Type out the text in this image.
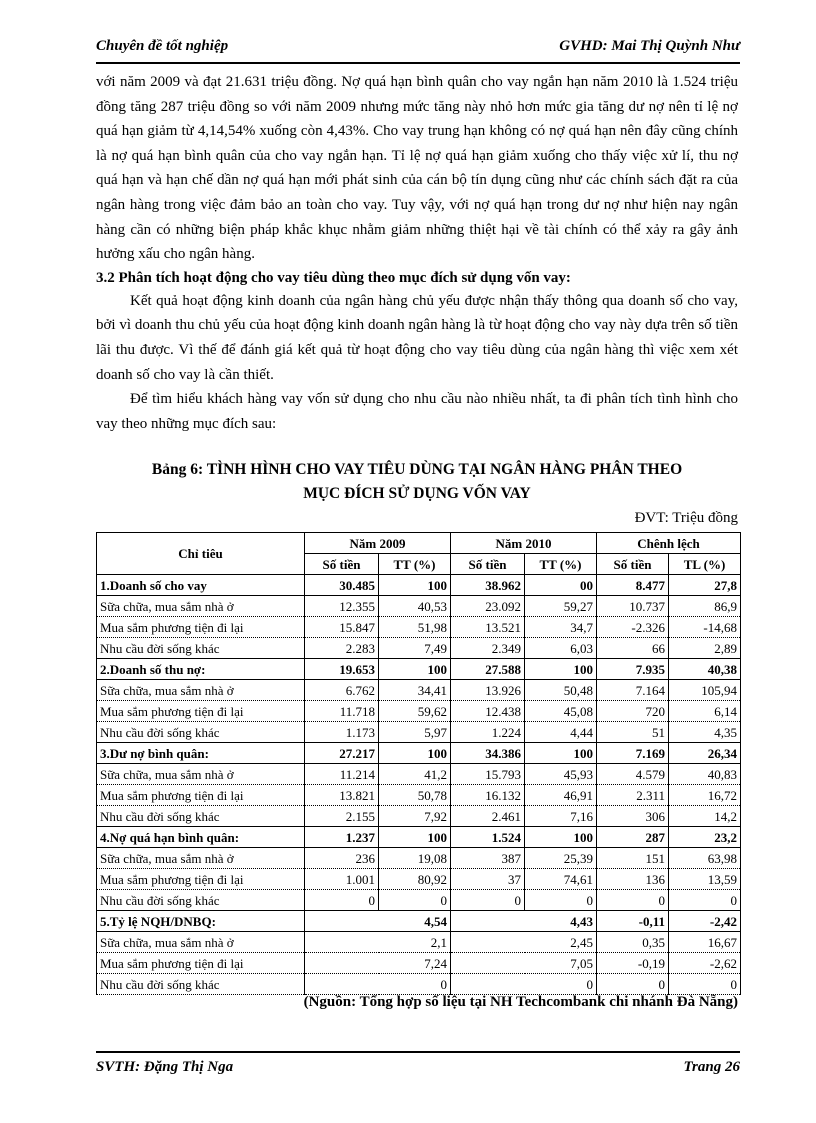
Chuyên đề tốt nghiệp	GVHD: Mai Thị Quỳnh Như

với năm 2009 và đạt 21.631 triệu đồng. Nợ quá hạn bình quân cho vay ngắn hạn năm 2010 là 1.524 triệu đồng tăng 287 triệu đồng so với năm 2009 nhưng mức tăng này nhỏ hơn mức gia tăng dư nợ nên tỉ lệ nợ quá hạn giảm từ 4,14,54% xuống còn 4,43%. Cho vay trung hạn không có nợ quá hạn nên đây cũng chính là nợ quá hạn bình quân của cho vay ngắn hạn. Tỉ lệ nợ quá hạn giảm xuống cho thấy việc xử lí, thu nợ quá hạn và hạn chế dần nợ quá hạn mới phát sinh của cán bộ tín dụng cũng như các chính sách đặt ra của ngân hàng trong việc đảm bảo an toàn cho vay. Tuy vậy, với nợ quá hạn trong dư nợ như hiện nay ngân hàng cần có những biện pháp khắc khục nhằm giảm những thiệt hại về tài chính có thể xảy ra gây ảnh hưởng xấu cho ngân hàng.

3.2 Phân tích hoạt động cho vay tiêu dùng theo mục đích sử dụng vốn vay:

Kết quả hoạt động kinh doanh của ngân hàng chủ yếu được nhận thấy thông qua doanh số cho vay, bởi vì doanh thu chủ yếu của hoạt động kinh doanh ngân hàng là từ hoạt động cho vay này dựa trên số tiền lãi thu được. Vì thế để đánh giá kết quả từ hoạt động cho vay tiêu dùng của ngân hàng thì việc xem xét doanh số cho vay là cần thiết.

Để tìm hiểu khách hàng vay vốn sử dụng cho nhu cầu nào nhiều nhất, ta đi phân tích tình hình cho vay theo những mục đích sau:

Bảng 6: TÌNH HÌNH CHO VAY TIÊU DÙNG TẠI NGÂN HÀNG PHÂN THEO
MỤC ĐÍCH SỬ DỤNG VỐN VAY
ĐVT: Triệu đồng
Chỉ tiêu	Năm 2009		Năm 2010		Chênh lệch	
	Số tiền	TT (%)	Số tiền	TT (%)	Số tiền	TL (%)
1.Doanh số cho vay	30.485	100	38.962	00	8.477	27,8
Sữa chữa, mua sắm nhà ở	12.355	40,53	23.092	59,27	10.737	86,9
Mua sắm phương tiện đi lại	15.847	51,98	13.521	34,7	-2.326	-14,68
Nhu cầu đời sống khác	2.283	7,49	2.349	6,03	66	2,89
2.Doanh số thu nợ:	19.653	100	27.588	100	7.935	40,38
Sữa chữa, mua sắm nhà ở	6.762	34,41	13.926	50,48	7.164	105,94
Mua sắm phương tiện đi lại	11.718	59,62	12.438	45,08	720	6,14
Nhu cầu đời sống khác	1.173	5,97	1.224	4,44	51	4,35
3.Dư nợ bình quân:	27.217	100	34.386	100	7.169	26,34
Sữa chữa, mua sắm nhà ở	11.214	41,2	15.793	45,93	4.579	40,83
Mua sắm phương tiện đi lại	13.821	50,78	16.132	46,91	2.311	16,72
Nhu cầu đời sống khác	2.155	7,92	2.461	7,16	306	14,2
4.Nợ quá hạn bình quân:	1.237	100	1.524	100	287	23,2
Sữa chữa, mua sắm nhà ở	236	19,08	387	25,39	151	63,98
Mua sắm phương tiện đi lại	1.001	80,92	37	74,61	136	13,59
Nhu cầu đời sống khác	0	0	0	0	0	0
5.Tỷ lệ NQH/DNBQ:	4,54		4,43		-0,11	-2,42
Sữa chữa, mua sắm nhà ở	2,1		2,45		0,35	16,67
Mua sắm phương tiện đi lại	7,24		7,05		-0,19	-2,62
Nhu cầu đời sống khác	0		0		0	0
(Nguồn: Tổng hợp số liệu tại NH Techcombank chi nhánh Đà Nẵng)
SVTH: Đặng Thị Nga	Trang 26
